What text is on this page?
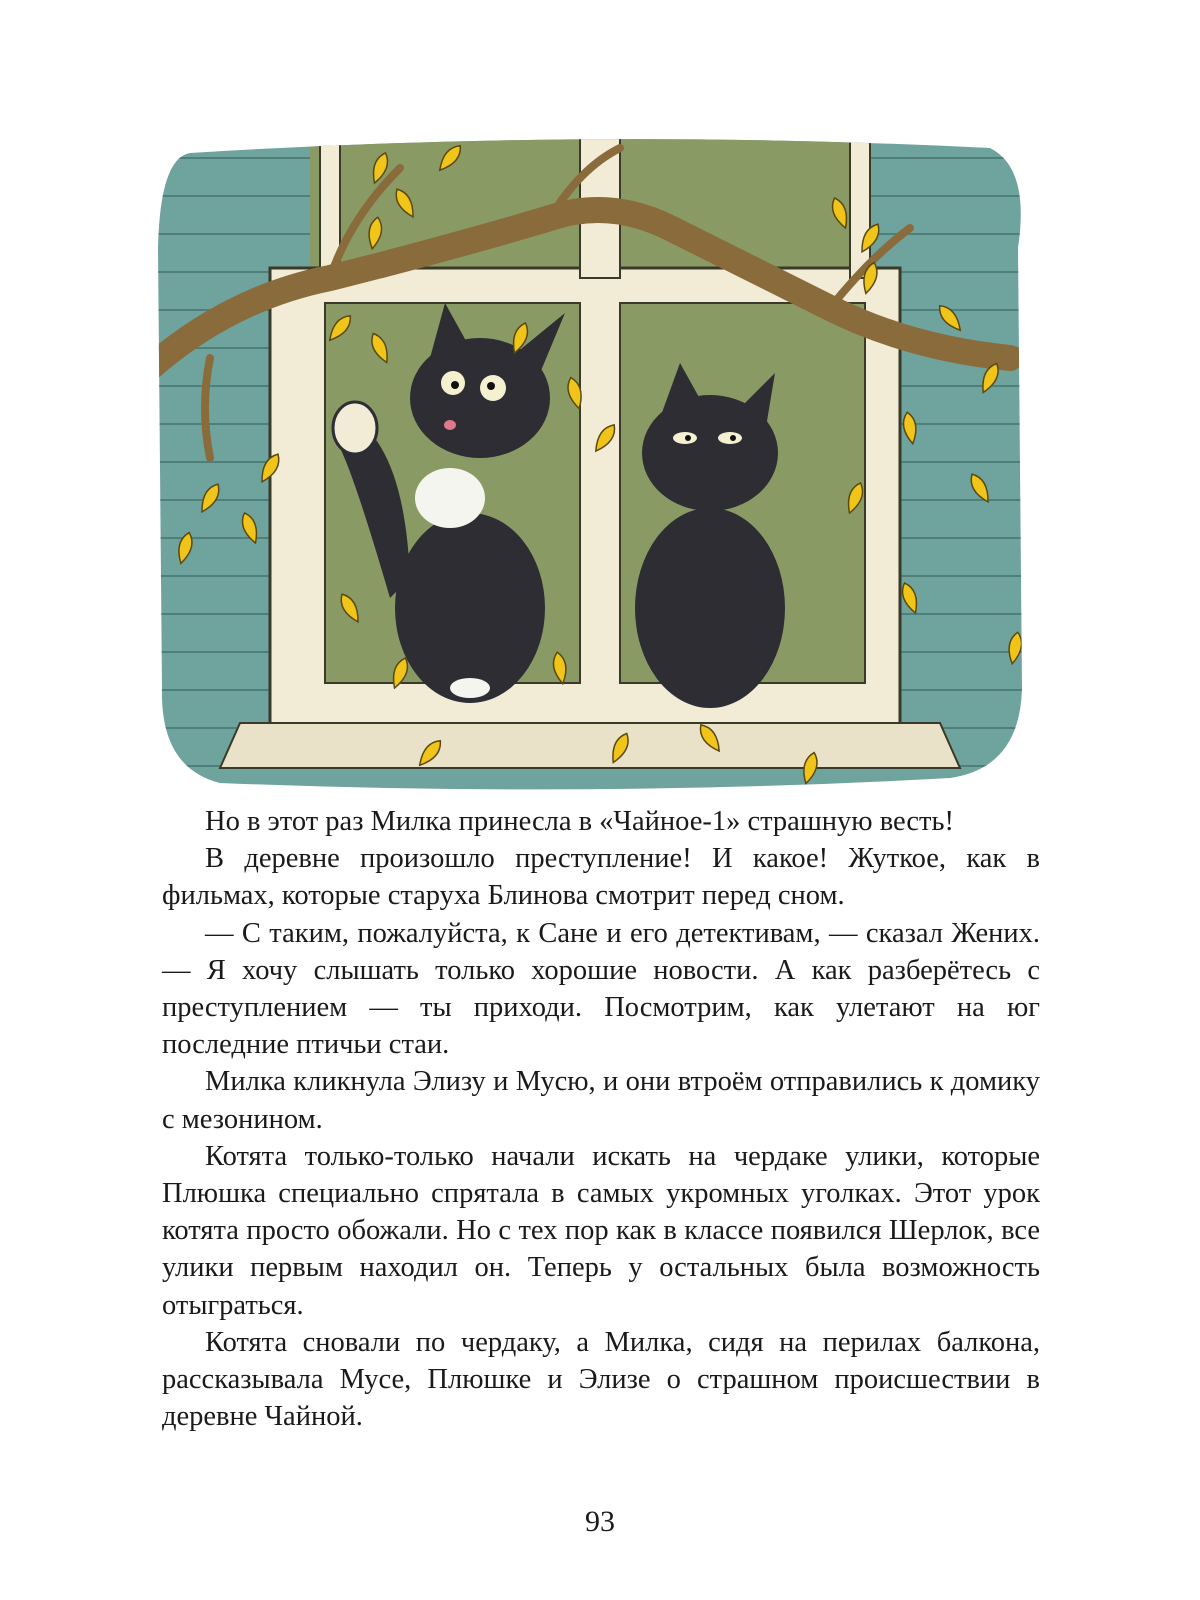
Но в этот раз Милка принесла в «Чайное-1» страшную весть!

В деревне произошло преступление! И какое! Жуткое, как в фильмах, которые старуха Блинова смотрит перед сном.

— С таким, пожалуйста, к Сане и его детективам, — сказал Жених. — Я хочу слышать только хорошие новости. А как разберётесь с преступлением — ты приходи. Посмотрим, как улетают на юг последние птичьи стаи.

Милка кликнула Элизу и Мусю, и они втроём отправились к домику с мезонином.

Котята только-только начали искать на чердаке улики, которые Плюшка специально спрятала в самых укромных уголках. Этот урок котята просто обожали. Но с тех пор как в классе появился Шерлок, все улики первым находил он. Теперь у остальных была возможность отыграться.

Котята сновали по чердаку, а Милка, сидя на перилах балкона, рассказывала Мусе, Плюшке и Элизе о страшном происшествии в деревне Чайной.

93
